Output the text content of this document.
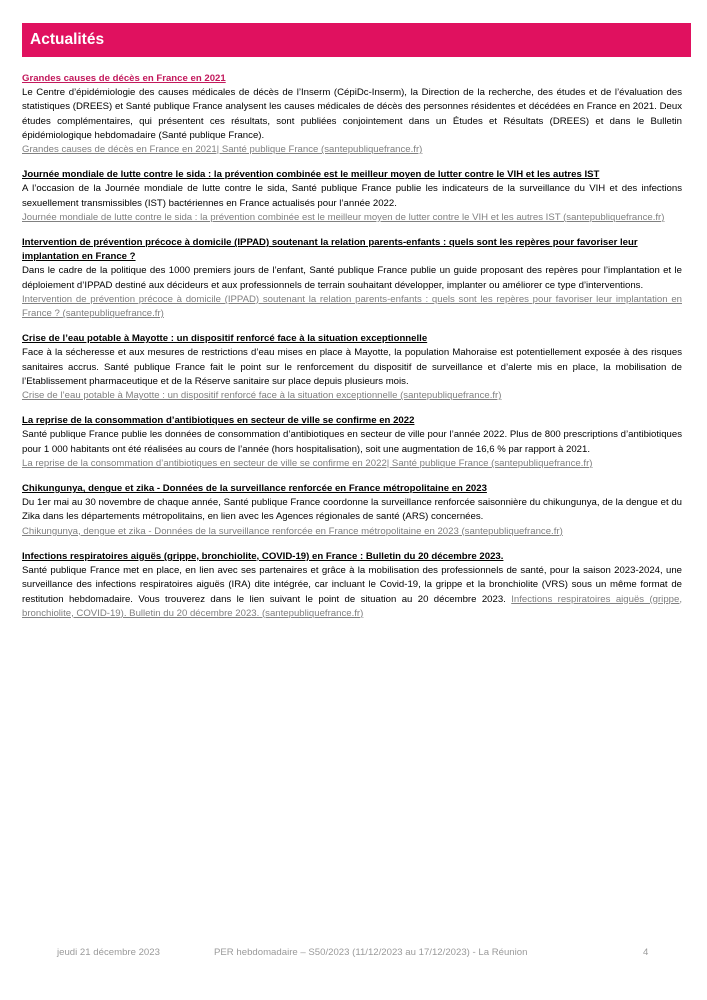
Actualités
Grandes causes de décès en France en 2021
Le Centre d’épidémiologie des causes médicales de décès de l’Inserm (CépiDc-Inserm), la Direction de la recherche, des études et de l’évaluation des statistiques (DREES) et Santé publique France analysent les causes médicales de décès des personnes résidentes et décédées en France en 2021. Deux études complémentaires, qui présentent ces résultats, sont publiées conjointement dans un Études et Résultats (DREES) et dans le Bulletin épidémiologique hebdomadaire (Santé publique France).
Grandes causes de décès en France en 2021| Santé publique France (santepubliquefrance.fr)
Journée mondiale de lutte contre le sida : la prévention combinée est le meilleur moyen de lutter contre le VIH et les autres IST
A l’occasion de la Journée mondiale de lutte contre le sida, Santé publique France publie les indicateurs de la surveillance du VIH et des infections sexuellement transmissibles (IST) bactériennes en France actualisés pour l’année 2022.
Journée mondiale de lutte contre le sida : la prévention combinée est le meilleur moyen de lutter contre le VIH et les autres IST (santepubliquefrance.fr)
Intervention de prévention précoce à domicile (IPPAD) soutenant la relation parents-enfants : quels sont les repères pour favoriser leur implantation en France ?
Dans le cadre de la politique des 1000 premiers jours de l’enfant, Santé publique France publie un guide proposant des repères pour l’implantation et le déploiement d’IPPAD destiné aux décideurs et aux professionnels de terrain souhaitant développer, implanter ou améliorer ce type d’interventions.
Intervention de prévention précoce à domicile (IPPAD) soutenant la relation parents-enfants : quels sont les repères pour favoriser leur implantation en France ? (santepubliquefrance.fr)
Crise de l’eau potable à Mayotte : un dispositif renforcé face à la situation exceptionnelle
Face à la sécheresse et aux mesures de restrictions d’eau mises en place à Mayotte, la population Mahoraise est potentiellement exposée à des risques sanitaires accrus. Santé publique France fait le point sur le renforcement du dispositif de surveillance et d’alerte mis en place, la mobilisation de l’Etablissement pharmaceutique et de la Réserve sanitaire sur place depuis plusieurs mois.
Crise de l’eau potable à Mayotte : un dispositif renforcé face à la situation exceptionnelle (santepubliquefrance.fr)
La reprise de la consommation d’antibiotiques en secteur de ville se confirme en 2022
Santé publique France publie les données de consommation d’antibiotiques en secteur de ville pour l’année 2022. Plus de 800 prescriptions d’antibiotiques pour 1 000 habitants ont été réalisées au cours de l’année (hors hospitalisation), soit une augmentation de 16,6 % par rapport à 2021.
La reprise de la consommation d’antibiotiques en secteur de ville se confirme en 2022| Santé publique France (santepubliquefrance.fr)
Chikungunya, dengue et zika - Données de la surveillance renforcée en France métropolitaine en 2023
Du 1er mai au 30 novembre de chaque année, Santé publique France coordonne la surveillance renforcée saisonnière du chikungunya, de la dengue et du Zika dans les départements métropolitains, en lien avec les Agences régionales de santé (ARS) concernées.
Chikungunya, dengue et zika - Données de la surveillance renforcée en France métropolitaine en 2023 (santepubliquefrance.fr)
Infections respiratoires aiguës (grippe, bronchiolite, COVID-19) en France : Bulletin du 20 décembre 2023.
Santé publique France met en place, en lien avec ses partenaires et grâce à la mobilisation des professionnels de santé, pour la saison 2023-2024, une surveillance des infections respiratoires aiguës (IRA) dite intégrée, car incluant le Covid-19, la grippe et la bronchiolite (VRS) sous un même format de restitution hebdomadaire. Vous trouverez dans le lien suivant le point de situation au 20 décembre 2023. Infections respiratoires aiguës (grippe, bronchiolite, COVID-19). Bulletin du 20 décembre 2023. (santepubliquefrance.fr)
jeudi 21 décembre 2023	PER hebdomadaire – S50/2023 (11/12/2023 au 17/12/2023) - La Réunion	4
